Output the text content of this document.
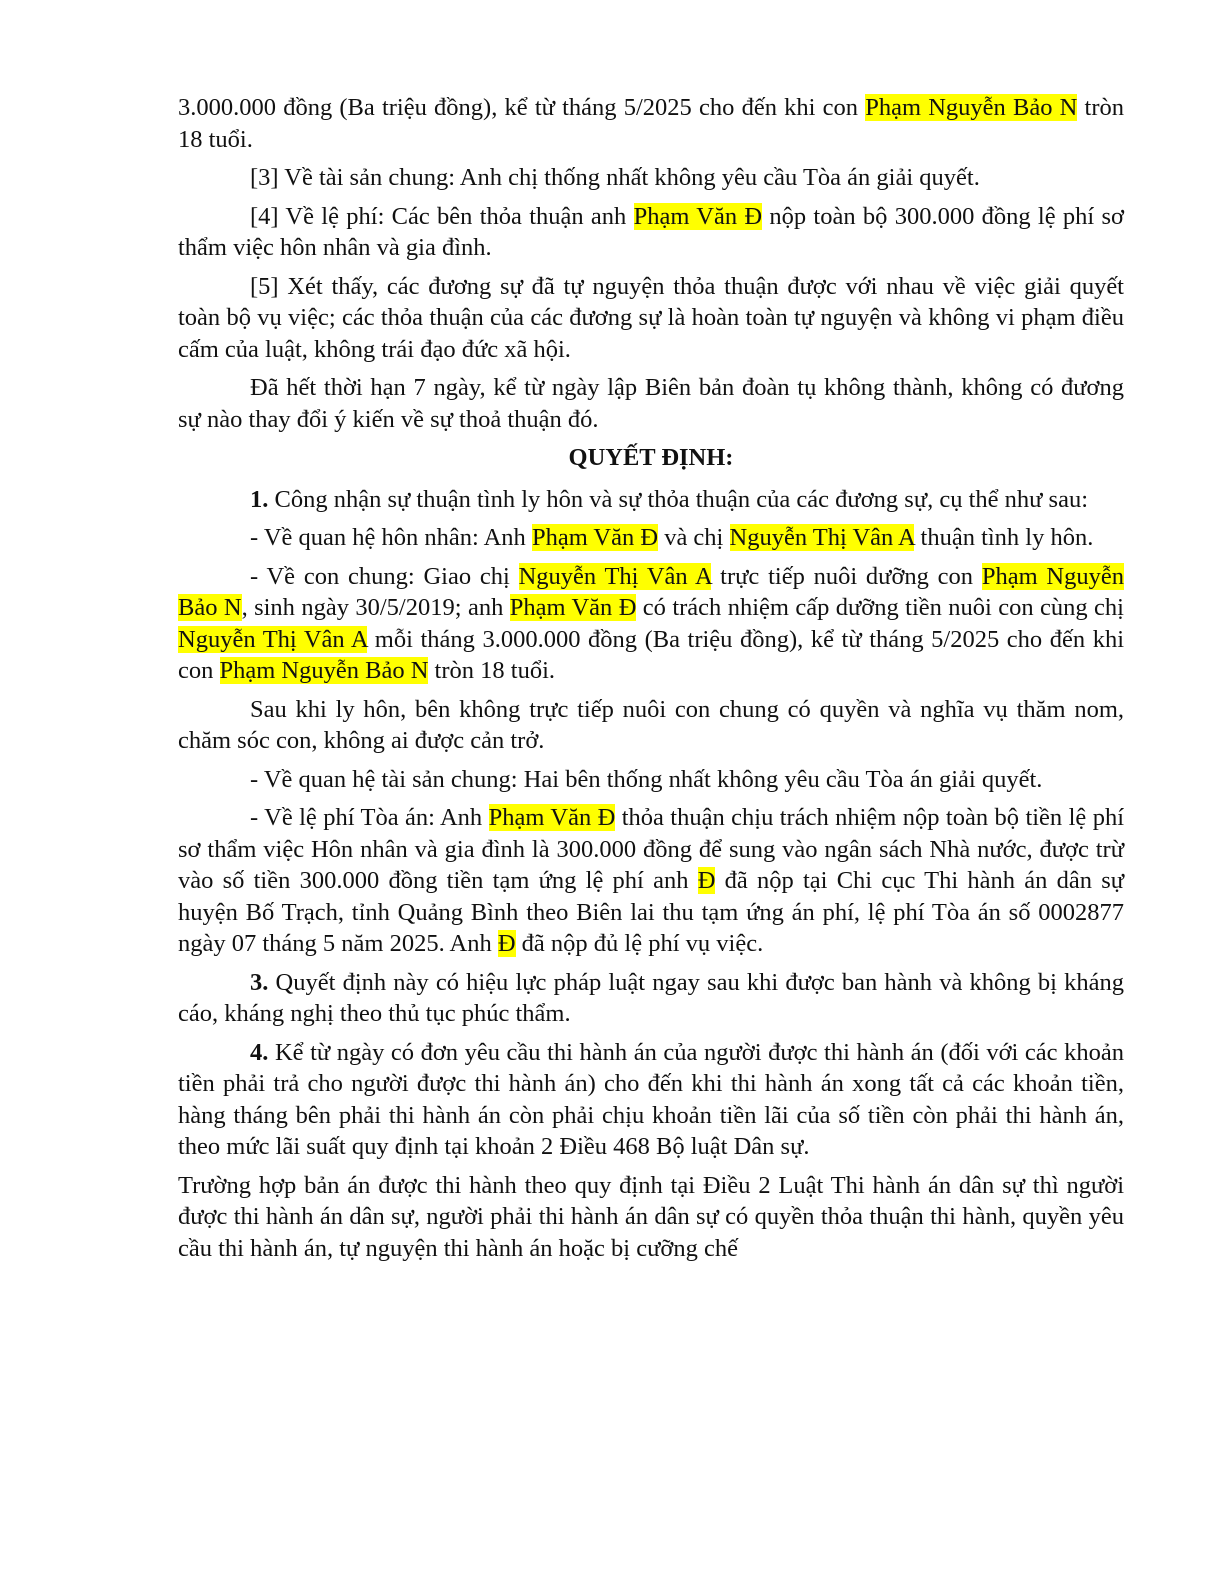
3.000.000 đồng (Ba triệu đồng), kể từ tháng 5/2025 cho đến khi con Phạm Nguyễn Bảo N tròn 18 tuổi.

[3] Về tài sản chung: Anh chị thống nhất không yêu cầu Tòa án giải quyết.

[4] Về lệ phí: Các bên thỏa thuận anh Phạm Văn Đ nộp toàn bộ 300.000 đồng lệ phí sơ thẩm việc hôn nhân và gia đình.

[5] Xét thấy, các đương sự đã tự nguyện thỏa thuận được với nhau về việc giải quyết toàn bộ vụ việc; các thỏa thuận của các đương sự là hoàn toàn tự nguyện và không vi phạm điều cấm của luật, không trái đạo đức xã hội.

Đã hết thời hạn 7 ngày, kể từ ngày lập Biên bản đoàn tụ không thành, không có đương sự nào thay đổi ý kiến về sự thoả thuận đó.

QUYẾT ĐỊNH:

1. Công nhận sự thuận tình ly hôn và sự thỏa thuận của các đương sự, cụ thể như sau:

- Về quan hệ hôn nhân: Anh Phạm Văn Đ và chị Nguyễn Thị Vân A thuận tình ly hôn.

- Về con chung: Giao chị Nguyễn Thị Vân A trực tiếp nuôi dưỡng con Phạm Nguyễn Bảo N, sinh ngày 30/5/2019; anh Phạm Văn Đ có trách nhiệm cấp dưỡng tiền nuôi con cùng chị Nguyễn Thị Vân A mỗi tháng 3.000.000 đồng (Ba triệu đồng), kể từ tháng 5/2025 cho đến khi con Phạm Nguyễn Bảo N tròn 18 tuổi.

Sau khi ly hôn, bên không trực tiếp nuôi con chung có quyền và nghĩa vụ thăm nom, chăm sóc con, không ai được cản trở.

- Về quan hệ tài sản chung: Hai bên thống nhất không yêu cầu Tòa án giải quyết.

- Về lệ phí Tòa án: Anh Phạm Văn Đ thỏa thuận chịu trách nhiệm nộp toàn bộ tiền lệ phí sơ thẩm việc Hôn nhân và gia đình là 300.000 đồng để sung vào ngân sách Nhà nước, được trừ vào số tiền 300.000 đồng tiền tạm ứng lệ phí anh Đ đã nộp tại Chi cục Thi hành án dân sự huyện Bố Trạch, tỉnh Quảng Bình theo Biên lai thu tạm ứng án phí, lệ phí Tòa án số 0002877 ngày 07 tháng 5 năm 2025. Anh Đ đã nộp đủ lệ phí vụ việc.

3. Quyết định này có hiệu lực pháp luật ngay sau khi được ban hành và không bị kháng cáo, kháng nghị theo thủ tục phúc thẩm.

4. Kể từ ngày có đơn yêu cầu thi hành án của người được thi hành án (đối với các khoản tiền phải trả cho người được thi hành án) cho đến khi thi hành án xong tất cả các khoản tiền, hàng tháng bên phải thi hành án còn phải chịu khoản tiền lãi của số tiền còn phải thi hành án, theo mức lãi suất quy định tại khoản 2 Điều 468 Bộ luật Dân sự.

Trường hợp bản án được thi hành theo quy định tại Điều 2 Luật Thi hành án dân sự thì người được thi hành án dân sự, người phải thi hành án dân sự có quyền thỏa thuận thi hành, quyền yêu cầu thi hành án, tự nguyện thi hành án hoặc bị cưỡng chế
